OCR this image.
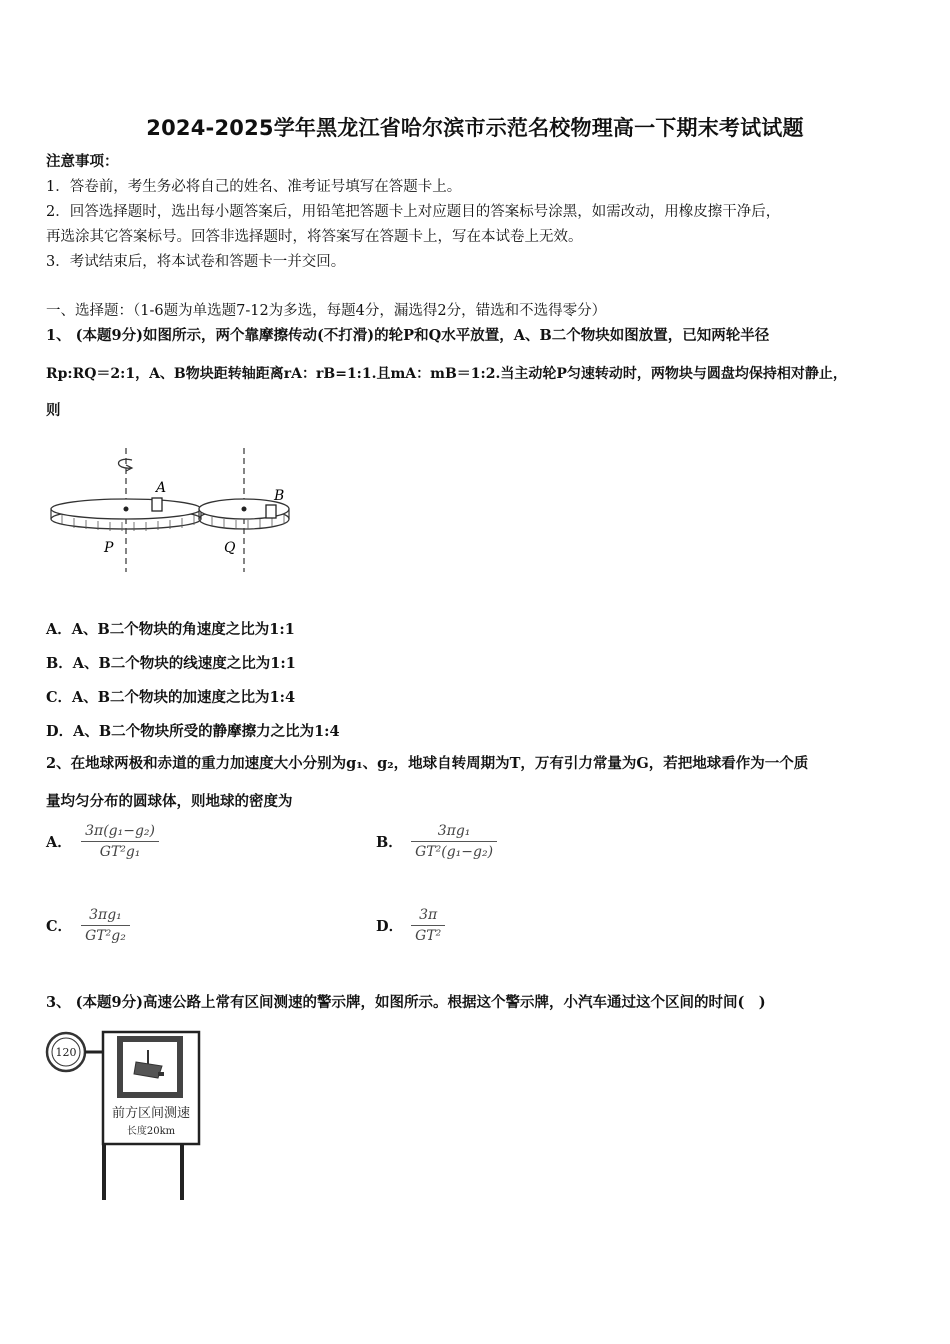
2024-2025学年黑龙江省哈尔滨市示范名校物理高一下期末考试试题
注意事项：
1．答卷前，考生务必将自己的姓名、准考证号填写在答题卡上。
2．回答选择题时，选出每小题答案后，用铅笔把答题卡上对应题目的答案标号涂黑，如需改动，用橡皮擦干净后，
再选涂其它答案标号。回答非选择题时，将答案写在答题卡上，写在本试卷上无效。
3．考试结束后，将本试卷和答题卡一并交回。
一、选择题：（1-6题为单选题7-12为多选，每题4分，漏选得2分，错选和不选得零分）
1、 (本题9分)如图所示，两个靠摩擦传动(不打滑)的轮P和Q水平放置，A、B二个物块如图放置，已知两轮半径
Rp:RQ＝2:1，A、B物块距转轴距离rA：rB=1:1.且mA：mB＝1:2.当主动轮P匀速转动时，两物块与圆盘均保持相对静止，
则
A	B
P	Q
A．A、B二个物块的角速度之比为1:1
B．A、B二个物块的线速度之比为1:1
C．A、B二个物块的加速度之比为1:4
D．A、B二个物块所受的静摩擦力之比为1:4
2、在地球两极和赤道的重力加速度大小分别为g₁、g₂，地球自转周期为T，万有引力常量为G，若把地球看作为一个质
量均匀分布的圆球体，则地球的密度为
A． $\frac{\text{3π(g₁−g₂)}}{\text{GT²g₁}}$	B． $\frac{\text{3πg₁}}{\text{GT²(g₁−g₂)}}$
C． $\frac{\text{3πg₁}}{\text{GT²g₂}}$	D． $\frac{3\pi}{\text{GT²}}$
3、 (本题9分)高速公路上常有区间测速的警示牌，如图所示。根据这个警示牌，小汽车通过这个区间的时间(　)
120
前方区间测速
长度20km
